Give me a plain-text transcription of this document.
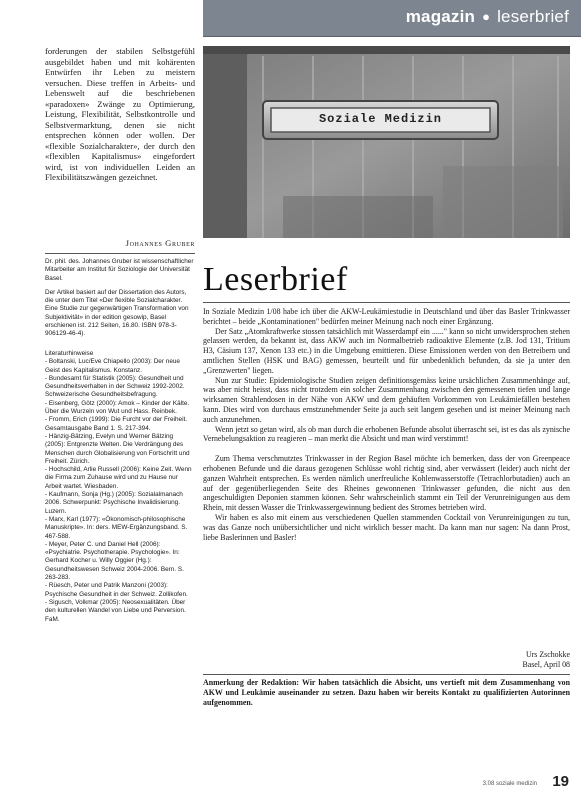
magazin ● leserbrief
Soziale Medizin

forderungen der stabilen Selbstgefühl ausgebildet haben und mit kohärenten Entwürfen ihr Leben zu meistern versuchen. Diese treffen in Arbeits- und Lebenswelt auf die beschriebenen «paradoxen» Zwänge zu Optimierung, Leistung, Flexibilität, Selbstkontrolle und Selbstvermarktung, denen sie nicht entsprechen können oder wollen. Der «flexible Sozialcharakter», der durch den «flexiblen Kapitalismus» eingefordert wird, ist von individuellen Leiden an Flexibilitätszwängen gezeichnet.

Johannes Gruber

Dr. phil. des. Johannes Gruber ist wissenschaftlicher Mitarbeiter am Institut für Soziologie der Universität Basel.

Der Artikel basiert auf der Dissertation des Autors, die unter dem Titel «Der flexible Sozialcharakter. Eine Studie zur gegenwärtigen Transformation von Subjektivität» in der edition gesowip, Basel erschienen ist. 212 Seiten, 16.80. ISBN 978-3-906129-46-4).

Literaturhinweise

- Boltanski, Luc/Eve Chiapello (2003): Der neue Geist des Kapitalismus. Konstanz.

- Bundesamt für Statistik (2005): Gesundheit und Gesundheitsverhalten in der Schweiz 1992-2002. Schweizerische Gesundheitsbefragung.

- Eisenberg, Götz (2000): Amok – Kinder der Kälte. Über die Wurzeln von Wut und Hass. Reinbek.

- Fromm, Erich (1999): Die Furcht vor der Freiheit. Gesamtausgabe Band 1. S. 217-394.

- Hänzig-Bätzing, Evelyn und Werner Bätzing (2005): Entgrenzte Welten. Die Verdrängung des Menschen durch Globalisierung von Fortschritt und Freiheit. Zürich.

- Hochschild, Arlie Russell (2006): Keine Zeit. Wenn die Firma zum Zuhause wird und zu Hause nur Arbeit wartet. Wiesbaden.

- Kaufmann, Sonja (Hg.) (2005): Sozialalmanach 2006. Schwerpunkt: Psychische Invalidisierung. Luzern.

- Marx, Karl (1977): «Ökonomisch-philosophische Manuskripte». In: ders. MEW-Ergänzungsband. S. 467-588.

- Meyer, Peter C. und Daniel Hell (2006): «Psychiatrie. Psychotherapie. Psychologie». In: Gerhard Kocher u. Willy Oggier (Hg.): Gesundheitswesen Schweiz 2004-2006. Bern. S. 263-283.

- Rüesch, Peter und Patrik Manzoni (2003): Psychische Gesundheit in der Schweiz. Zollikofen.

- Sigusch, Volkmar (2005): Neosexualitäten. Über den kulturellen Wandel von Liebe und Perversion. FaM.

Leserbrief

In Soziale Medizin 1/08 habe ich über die AKW-Leukämiestudie in Deutschland und über das Basler Trinkwasser berichtet – beide „Kontaminationen" bedürfen meiner Meinung nach noch einer Ergänzung.

Der Satz „Atomkraftwerke stossen tatsächlich mit Wasserdampf ein ......" kann so nicht unwidersprochen stehen gelassen werden, da bekannt ist, dass AKW auch im Normalbetrieb radioaktive Elemente (z.B. Jod 131, Tritium H3, Cäsium 137, Xenon 133 etc.) in die Umgebung emittieren. Diese Emissionen werden von den Betreibern und amtlichen Stellen (HSK und BAG) gemessen, beurteilt und für unbedenklich befunden, da sie ja unter den „Grenzwerten" liegen.

Nun zur Studie: Epidemiologische Studien zeigen definitionsgemäss keine ursächlichen Zusammenhänge auf, was aber nicht heisst, dass nicht trotzdem ein solcher Zusammenhang zwischen den gemessenen tiefen und lange wirksamen Strahlendosen in der Nähe von AKW und dem gehäuften Vorkommen von Leukämiefällen bestehen kann. Dies wird von durchaus ernstzunehmender Seite ja auch seit langem gesehen und ist meiner Meinung nach auch anzunehmen.

Wenn jetzt so getan wird, als ob man durch die erhobenen Befunde absolut überrascht sei, ist es das als zynische Vernebelungsaktion zu reagieren – man merkt die Absicht und man wird verstimmt!

Zum Thema verschmutztes Trinkwasser in der Region Basel möchte ich bemerken, dass der von Greenpeace erhobenen Befunde und die daraus gezogenen Schlüsse wohl richtig sind, aber verwässert (leider) auch nicht der ganzen Wahrheit entsprechen. Es werden nämlich unerfreuliche Kohlenwasserstoffe (Tetrachlorbutadien) auch an auf der gegenüberliegenden Seite des Rheines gewonnenen Trinkwasser gefunden, die nicht aus den angeschuldigten Deponien stammen können. Sehr wahrscheinlich stammt ein Teil der Verunreinigungen aus dem Rhein, mit dessen Wasser die Trinkwassergewinnung bedient des Stromes betrieben wird.

Wir haben es also mit einem aus verschiedenen Quellen stammenden Cocktail von Verunreinigungen zu tun, was das Ganze noch unübersichtlicher und nicht wirklich besser macht. Da kann man nur sagen: Na dann Prost, liebe Baslerinnen und Basler!

Urs Zschokke
Basel, April 08

Anmerkung der Redaktion: Wir haben tatsächlich die Absicht, uns vertieft mit dem Zusammenhang von AKW und Leukämie auseinander zu setzen. Dazu haben wir bereits Kontakt zu qualifizierten Autorinnen aufgenommen.

3.08 soziale medizin 19
